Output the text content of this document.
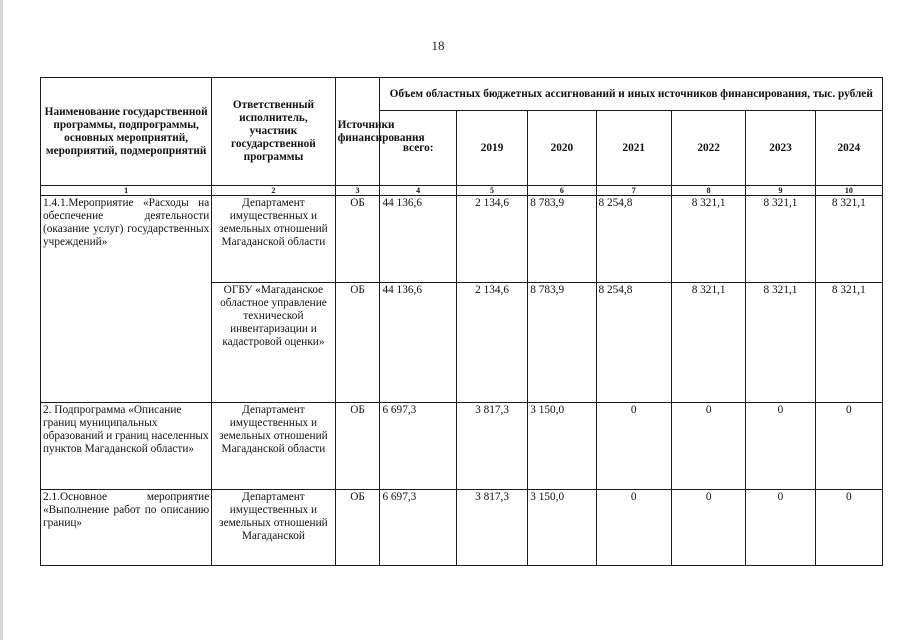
18
Наименование государственной программы, подпрограммы, основных мероприятий, мероприятий, подмероприятий	Ответственный исполнитель, участник государственной программы	Источники финансирования	Объем областных бюджетных ассигнований и иных источников финансирования, тыс. рублей						
			всего:	2019	2020	2021	2022	2023	2024
1	2	3	4	5	6	7	8	9	10
1.4.1.Мероприятие «Расходы на обеспечение деятельности (оказание услуг) государственных учреждений»	Департамент имущественных и земельных отношений Магаданской области	ОБ	44 136,6	2 134,6	8 783,9	8 254,8	8 321,1	8 321,1	8 321,1
	ОГБУ «Магаданское областное управление технической инвентаризации и кадастровой оценки»	ОБ	44 136,6	2 134,6	8 783,9	8 254,8	8 321,1	8 321,1	8 321,1
2. Подпрограмма «Описание границ муниципальных образований и границ населенных пунктов Магаданской области»	Департамент имущественных и земельных отношений Магаданской области	ОБ	6 697,3	3 817,3	3 150,0	0	0	0	0
2.1.Основное мероприятие «Выполнение работ по описанию границ»	Департамент имущественных и земельных отношений Магаданской	ОБ	6 697,3	3 817,3	3 150,0	0	0	0	0
